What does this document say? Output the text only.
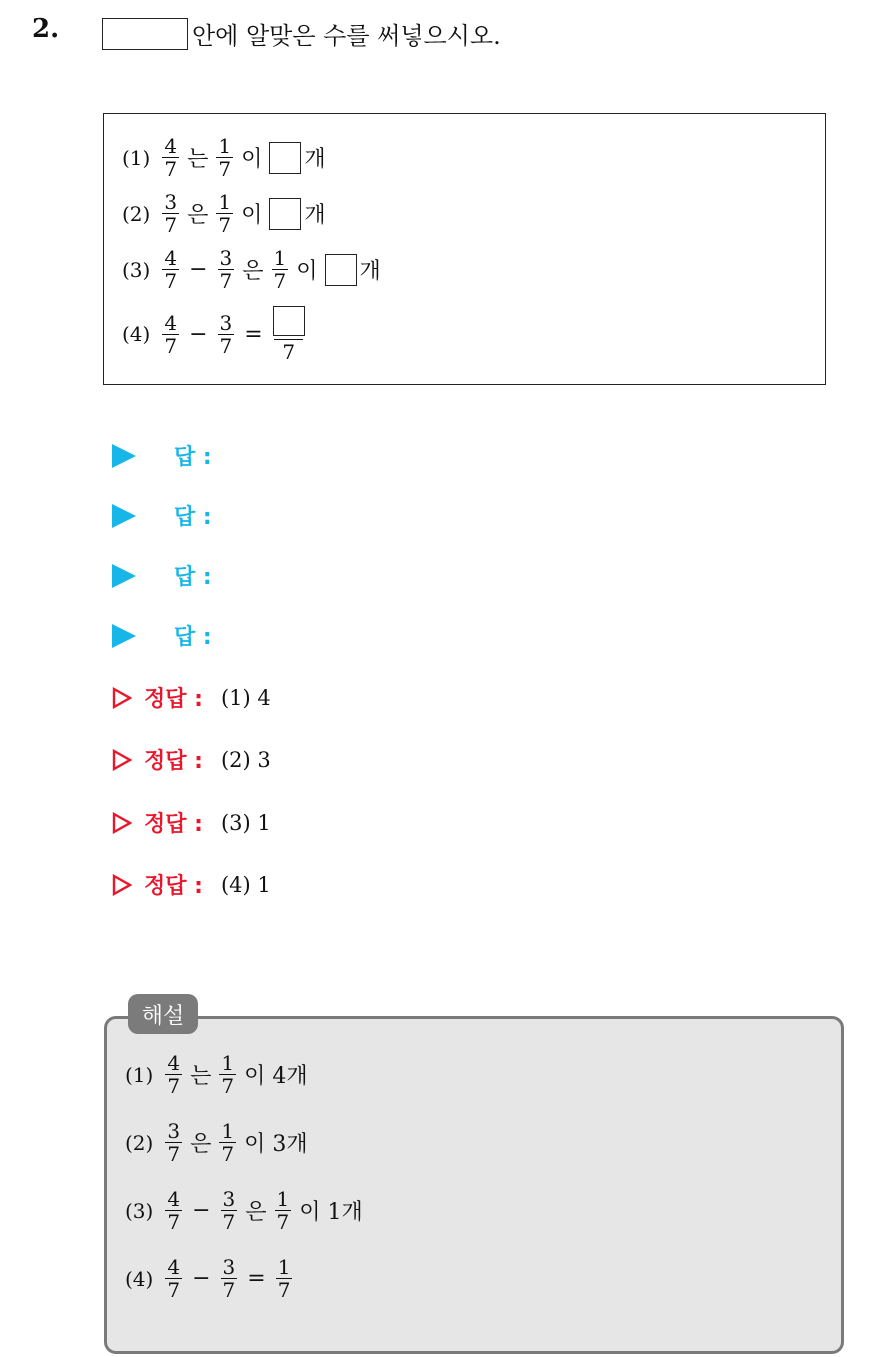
2.	안에 알맞은 수를 써넣으시오.
$(1) \frac{4}{7}$ 는 $\frac{1}{7}$ 이 개
$(2) \frac{3}{7}$ 은 $\frac{1}{7}$ 이 개
$(3) \frac{4}{7} - \frac{3}{7}$ 은 $\frac{1}{7}$ 이 개
$(4) \frac{4}{7} - \frac{3}{7}$ =
7
답 :
답 :
답 :
답 :
정답 : (1) 4
정답 : (2) 3
정답 : (3) 1
정답 : (4) 1
$(1) \frac{4}{7}$ 는 $\frac{1}{7}$ 이 4개
$(2) \frac{3}{7}$ 은 $\frac{1}{7}$ 이 3개
$(3) \frac{4}{7} - \frac{3}{7}$ 은 $\frac{1}{7}$ 이 1개
$(4) \frac{4}{7} - \frac{3}{7} = \frac{1}{7}$
해설
